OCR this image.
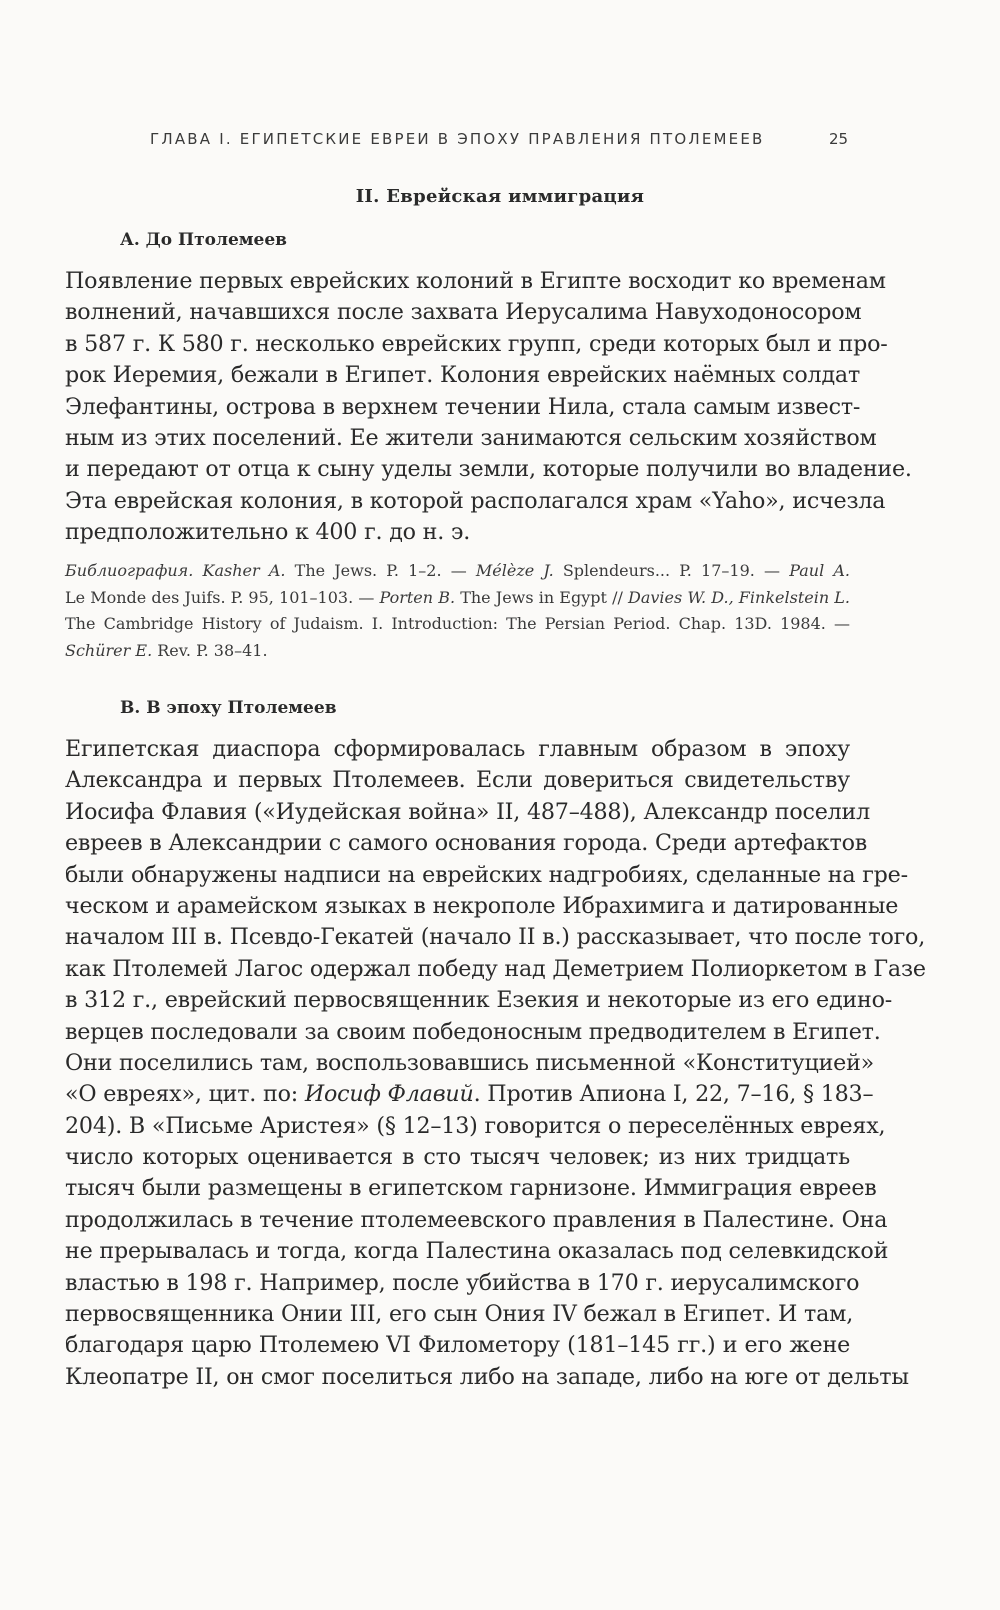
ГЛАВА I. ЕГИПЕТСКИЕ ЕВРЕИ В ЭПОХУ ПРАВЛЕНИЯ ПТОЛЕМЕЕВ	25
II. Еврейская иммиграция
А. До Птолемеев
Появление первых еврейских колоний в Египте восходит ко временам
волнений, начавшихся после захвата Иерусалима Навуходоносором
в 587 г. К 580 г. несколько еврейских групп, среди которых был и про-
рок Иеремия, бежали в Египет. Колония еврейских наёмных солдат
Элефантины, острова в верхнем течении Нила, стала самым извест-
ным из этих поселений. Ее жители занимаются сельским хозяйством
и передают от отца к сыну уделы земли, которые получили во владение.
Эта еврейская колония, в которой располагался храм «Yaho», исчезла
предположительно к 400 г. до н. э.
Библиография. Kasher A. The Jews. P. 1–2. — Mélèze J. Splendeurs... P. 17–19. — Paul A.
Le Monde des Juifs. P. 95, 101–103. — Porten B. The Jews in Egypt // Davies W. D., Finkelstein L.
The Cambridge History of Judaism. I. Introduction: The Persian Period. Chap. 13D. 1984. —
Schürer E. Rev. P. 38–41.
В. В эпоху Птолемеев
Египетская диаспора сформировалась главным образом в эпоху
Александра и первых Птолемеев. Если довериться свидетельству
Иосифа Флавия («Иудейская война» II, 487–488), Александр поселил
евреев в Александрии с самого основания города. Среди артефактов
были обнаружены надписи на еврейских надгробиях, сделанные на гре-
ческом и арамейском языках в некрополе Ибрахимига и датированные
началом III в. Псевдо-Гекатей (начало II в.) рассказывает, что после того,
как Птолемей Лагос одержал победу над Деметрием Полиоркетом в Газе
в 312 г., еврейский первосвященник Езекия и некоторые из его едино-
верцев последовали за своим победоносным предводителем в Египет.
Они поселились там, воспользовавшись письменной «Конституцией»
«О евреях», цит. по: Иосиф Флавий. Против Апиона I, 22, 7–16, § 183–
204). В «Письме Аристея» (§ 12–13) говорится о переселённых евреях,
число которых оценивается в сто тысяч человек; из них тридцать
тысяч были размещены в египетском гарнизоне. Иммиграция евреев
продолжилась в течение птолемеевского правления в Палестине. Она
не прерывалась и тогда, когда Палестина оказалась под селевкидской
властью в 198 г. Например, после убийства в 170 г. иерусалимского
первосвященника Онии III, его сын Ония IV бежал в Египет. И там,
благодаря царю Птолемею VI Филометору (181–145 гг.) и его жене
Клеопатре II, он смог поселиться либо на западе, либо на юге от дельты
